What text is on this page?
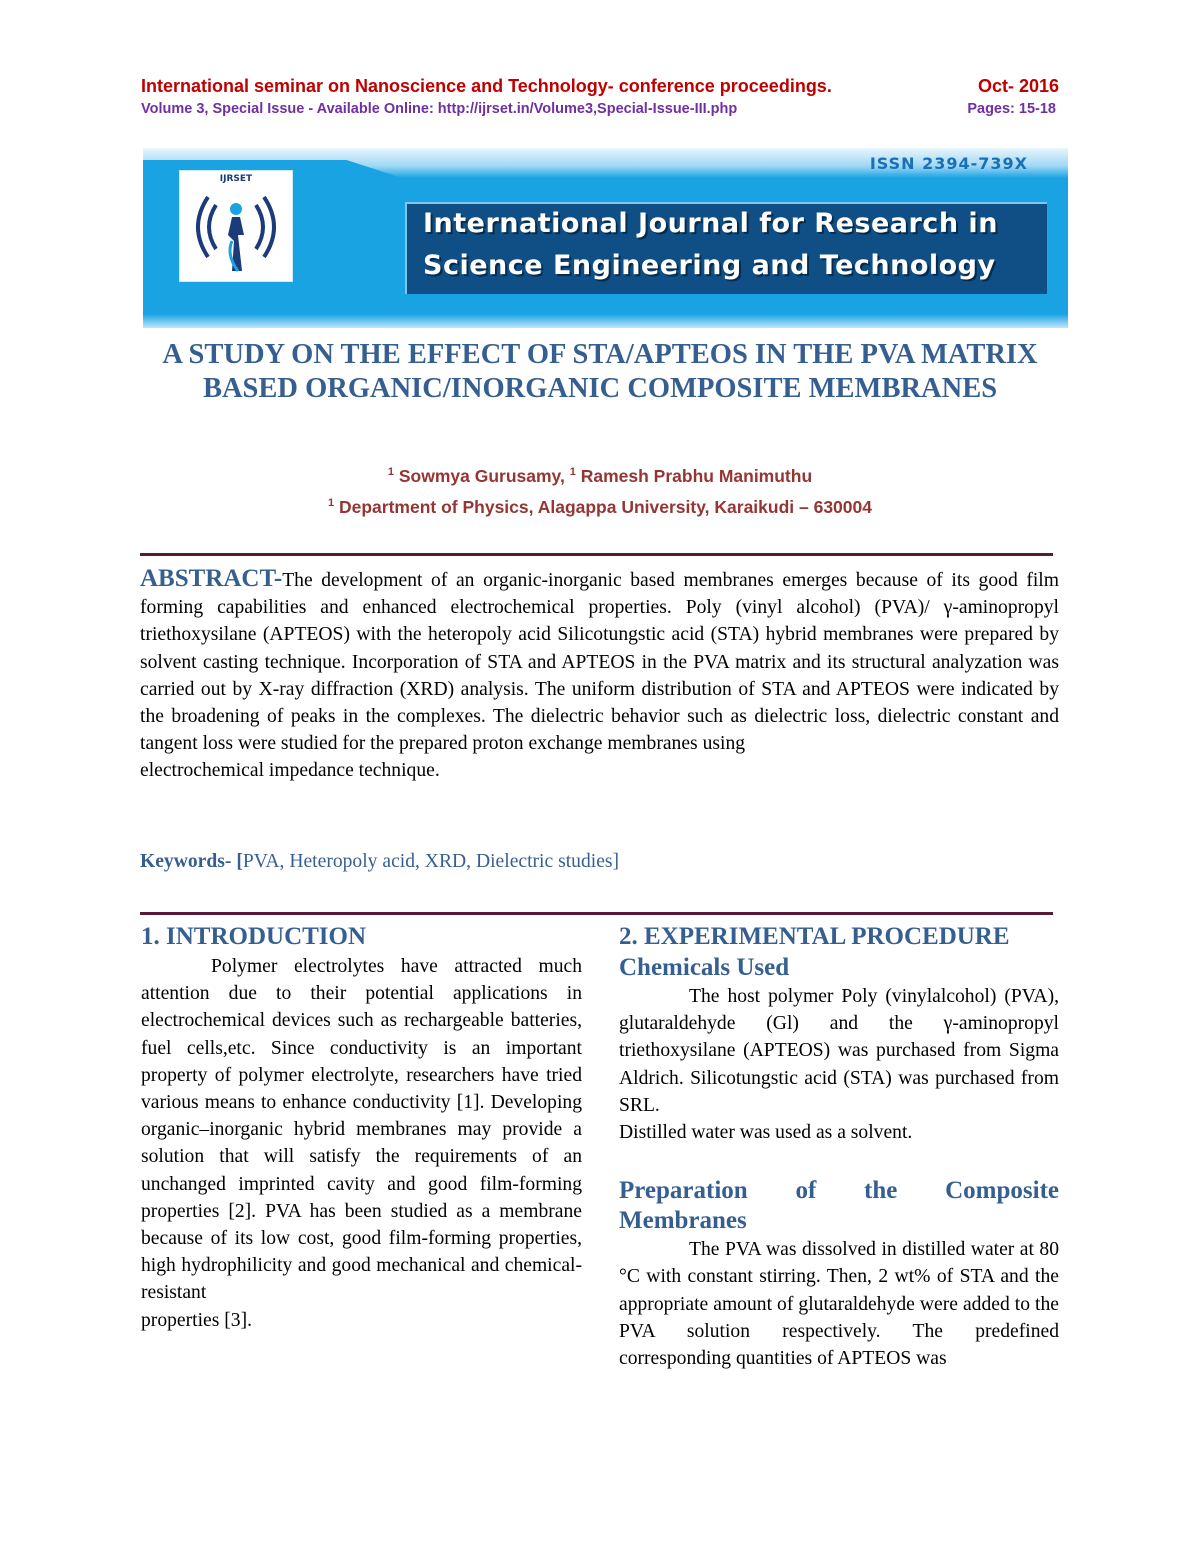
International seminar on Nanoscience and Technology- conference proceedings.	Oct- 2016
Volume 3, Special Issue - Available Online: http://ijrset.in/Volume3,Special-Issue-III.php	Pages: 15-18
ISSN 2394-739X
IJRSET
International Journal for Research in
Science Engineering and Technology
A STUDY ON THE EFFECT OF STA/APTEOS IN THE PVA MATRIX BASED ORGANIC/INORGANIC COMPOSITE MEMBRANES
$^1$ Sowmya Gurusamy, $^1$ Ramesh Prabhu Manimuthu
$^1$ Department of Physics, Alagappa University, Karaikudi – 630004
ABSTRACT-The development of an organic-inorganic based membranes emerges because of its good film forming capabilities and enhanced electrochemical properties. Poly (vinyl alcohol) (PVA)/ γ-aminopropyl triethoxysilane (APTEOS) with the heteropoly acid Silicotungstic acid (STA) hybrid membranes were prepared by solvent casting technique. Incorporation of STA and APTEOS in the PVA matrix and its structural analyzation was carried out by X-ray diffraction (XRD) analysis. The uniform distribution of STA and APTEOS were indicated by the broadening of peaks in the complexes. The dielectric behavior such as dielectric loss, dielectric constant and tangent loss were studied for the prepared proton exchange membranes using
electrochemical impedance technique.
Keywords- [PVA, Heteropoly acid, XRD, Dielectric studies]
1. INTRODUCTION

Polymer electrolytes have attracted much attention due to their potential applications in electrochemical devices such as rechargeable batteries, fuel cells,etc. Since conductivity is an important property of polymer electrolyte, researchers have tried various means to enhance conductivity [1]. Developing organic–inorganic hybrid membranes may provide a solution that will satisfy the requirements of an unchanged imprinted cavity and good film-forming properties [2]. PVA has been studied as a membrane because of its low cost, good film-forming properties, high hydrophilicity and good mechanical and chemical-resistant

properties [3].
2. EXPERIMENTAL PROCEDURE
Chemicals Used

The host polymer Poly (vinylalcohol) (PVA), glutaraldehyde (Gl) and the γ-aminopropyl triethoxysilane (APTEOS) was purchased from Sigma Aldrich. Silicotungstic acid (STA) was purchased from SRL.

Distilled water was used as a solvent.
Preparation of the Composite Membranes

The PVA was dissolved in distilled water at 80 °C with constant stirring. Then, 2 wt% of STA and the appropriate amount of glutaraldehyde were added to the PVA solution respectively. The predefined corresponding quantities of APTEOS was
